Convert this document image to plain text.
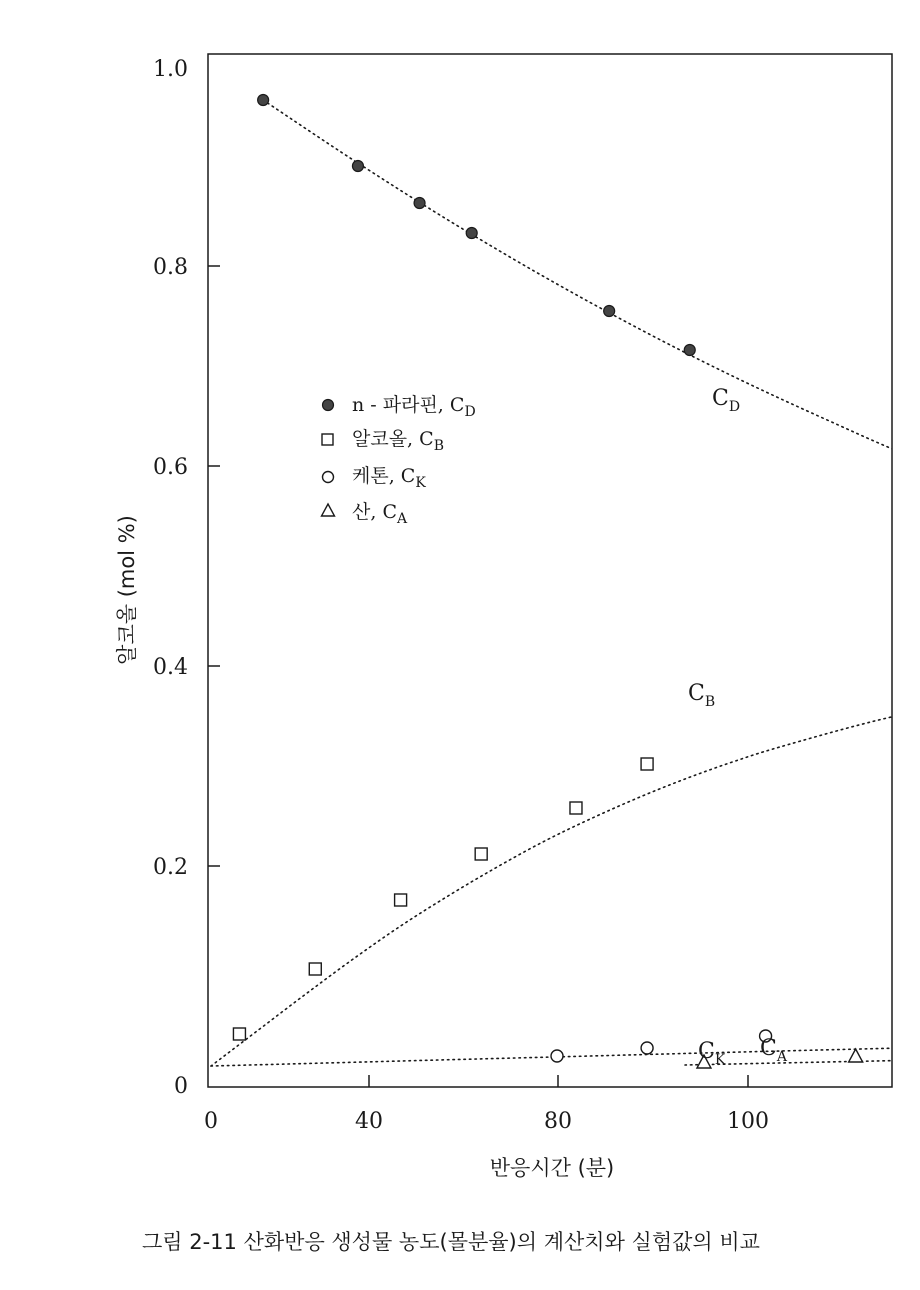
0
0.2
0.4
0.6
0.8
1.0
0	40	80	100
반응시간 (분)
알코올 (mol %)
n - 파라핀, $C_D$
알코올, $C_B$
케톤, $C_K$
산, $C_A$
$C_D$
$C_B$
$C_K$ $C_A$
그림 2-11 산화반응 생성물 농도(몰분율)의 계산치와 실험값의 비교
